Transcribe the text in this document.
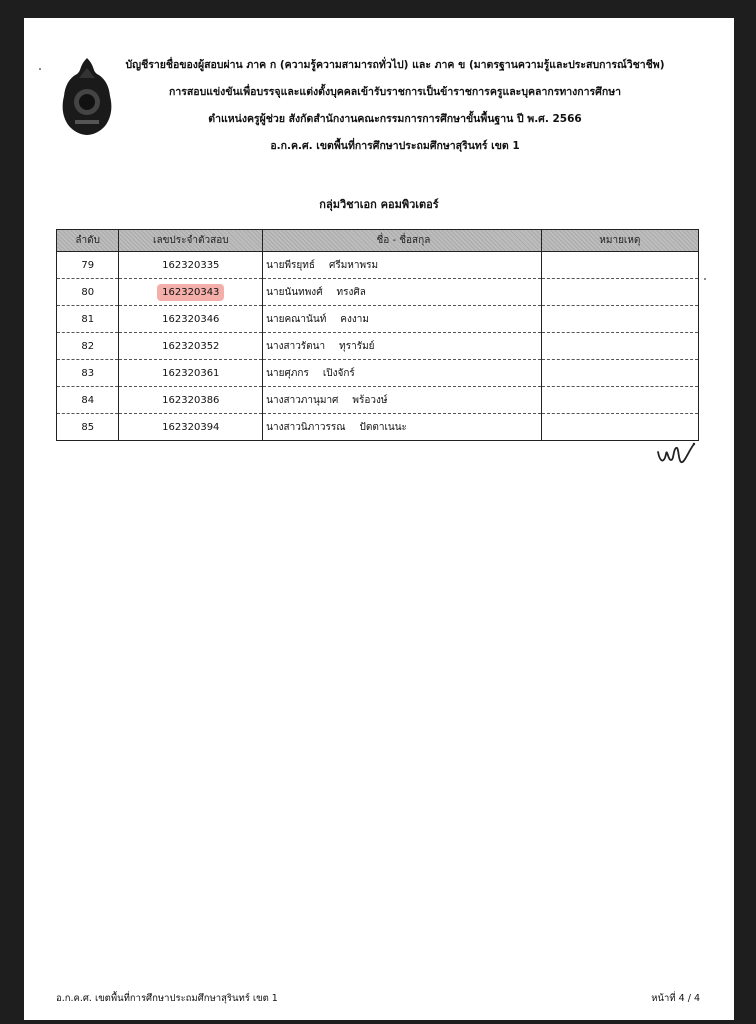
บัญชีรายชื่อของผู้สอบผ่าน ภาค ก (ความรู้ความสามารถทั่วไป) และ ภาค ข (มาตรฐานความรู้และประสบการณ์วิชาชีพ)
การสอบแข่งขันเพื่อบรรจุและแต่งตั้งบุคคลเข้ารับราชการเป็นข้าราชการครูและบุคลากรทางการศึกษา
ตำแหน่งครูผู้ช่วย สังกัดสำนักงานคณะกรรมการการศึกษาขั้นพื้นฐาน ปี พ.ศ. 2566
อ.ก.ค.ศ. เขตพื้นที่การศึกษาประถมศึกษาสุรินทร์ เขต 1
กลุ่มวิชาเอก คอมพิวเตอร์
ลำดับ	เลขประจำตัวสอบ	ชื่อ - ชื่อสกุล	หมายเหตุ
79	162320335	นายพีรยุทธ์ ศรีมหาพรม	
80	162320343	นายนันทพงศ์ ทรงศิล	
81	162320346	นายคณานันท์ คงงาม	
82	162320352	นางสาวรัตนา ทุรารัมย์	
83	162320361	นายศุภกร เปิงจักร์	
84	162320386	นางสาวภานุมาศ พร้อวงษ์	
85	162320394	นางสาวนิภาวรรณ ปัตตาเนนะ	
อ.ก.ค.ศ. เขตพื้นที่การศึกษาประถมศึกษาสุรินทร์ เขต 1	หน้าที่ 4 / 4
